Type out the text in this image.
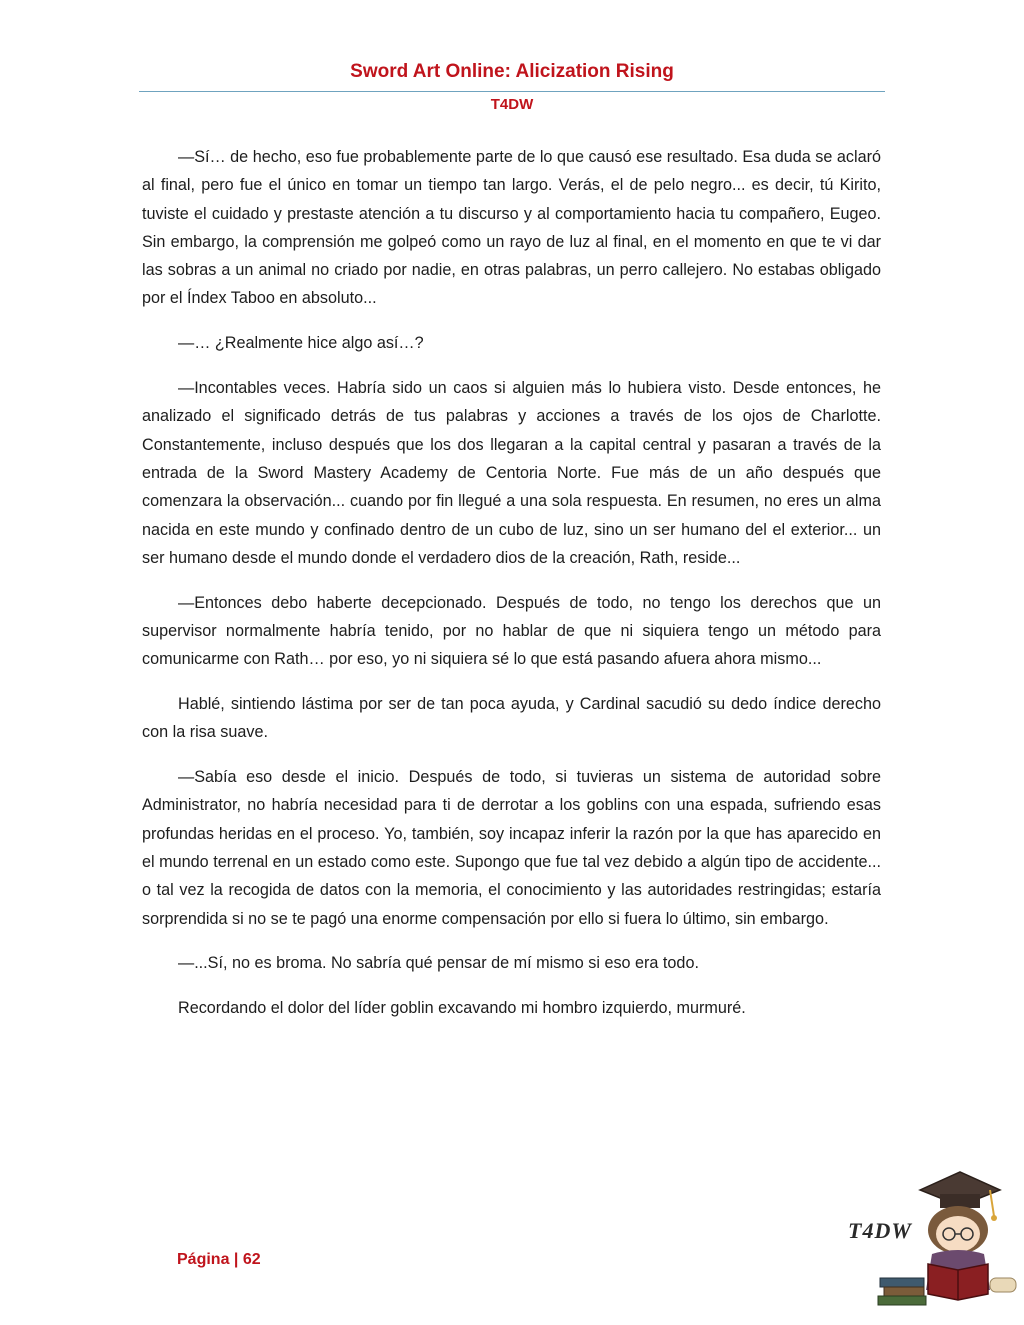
Sword Art Online: Alicization Rising
T4DW

—Sí… de hecho, eso fue probablemente parte de lo que causó ese resultado. Esa duda se aclaró al final, pero fue el único en tomar un tiempo tan largo. Verás, el de pelo negro... es decir, tú Kirito, tuviste el cuidado y prestaste atención a tu discurso y al comportamiento hacia tu compañero, Eugeo. Sin embargo, la comprensión me golpeó como un rayo de luz al final, en el momento en que te vi dar las sobras a un animal no criado por nadie, en otras palabras, un perro callejero. No estabas obligado por el Índex Taboo en absoluto...

—… ¿Realmente hice algo así…?

—Incontables veces. Habría sido un caos si alguien más lo hubiera visto. Desde entonces, he analizado el significado detrás de tus palabras y acciones a través de los ojos de Charlotte. Constantemente, incluso después que los dos llegaran a la capital central y pasaran a través de la entrada de la Sword Mastery Academy de Centoria Norte. Fue más de un año después que comenzara la observación... cuando por fin llegué a una sola respuesta. En resumen, no eres un alma nacida en este mundo y confinado dentro de un cubo de luz, sino un ser humano del el exterior... un ser humano desde el mundo donde el verdadero dios de la creación, Rath, reside...

—Entonces debo haberte decepcionado. Después de todo, no tengo los derechos que un supervisor normalmente habría tenido, por no hablar de que ni siquiera tengo un método para comunicarme con Rath… por eso, yo ni siquiera sé lo que está pasando afuera ahora mismo...

Hablé, sintiendo lástima por ser de tan poca ayuda, y Cardinal sacudió su dedo índice derecho con la risa suave.

—Sabía eso desde el inicio. Después de todo, si tuvieras un sistema de autoridad sobre Administrator, no habría necesidad para ti de derrotar a los goblins con una espada, sufriendo esas profundas heridas en el proceso. Yo, también, soy incapaz inferir la razón por la que has aparecido en el mundo terrenal en un estado como este. Supongo que fue tal vez debido a algún tipo de accidente... o tal vez la recogida de datos con la memoria, el conocimiento y las autoridades restringidas; estaría sorprendida si no se te pagó una enorme compensación por ello si fuera lo último, sin embargo.

—...Sí, no es broma. No sabría qué pensar de mí mismo si eso era todo.

Recordando el dolor del líder goblin excavando mi hombro izquierdo, murmuré.

Página | 62
T4DW
